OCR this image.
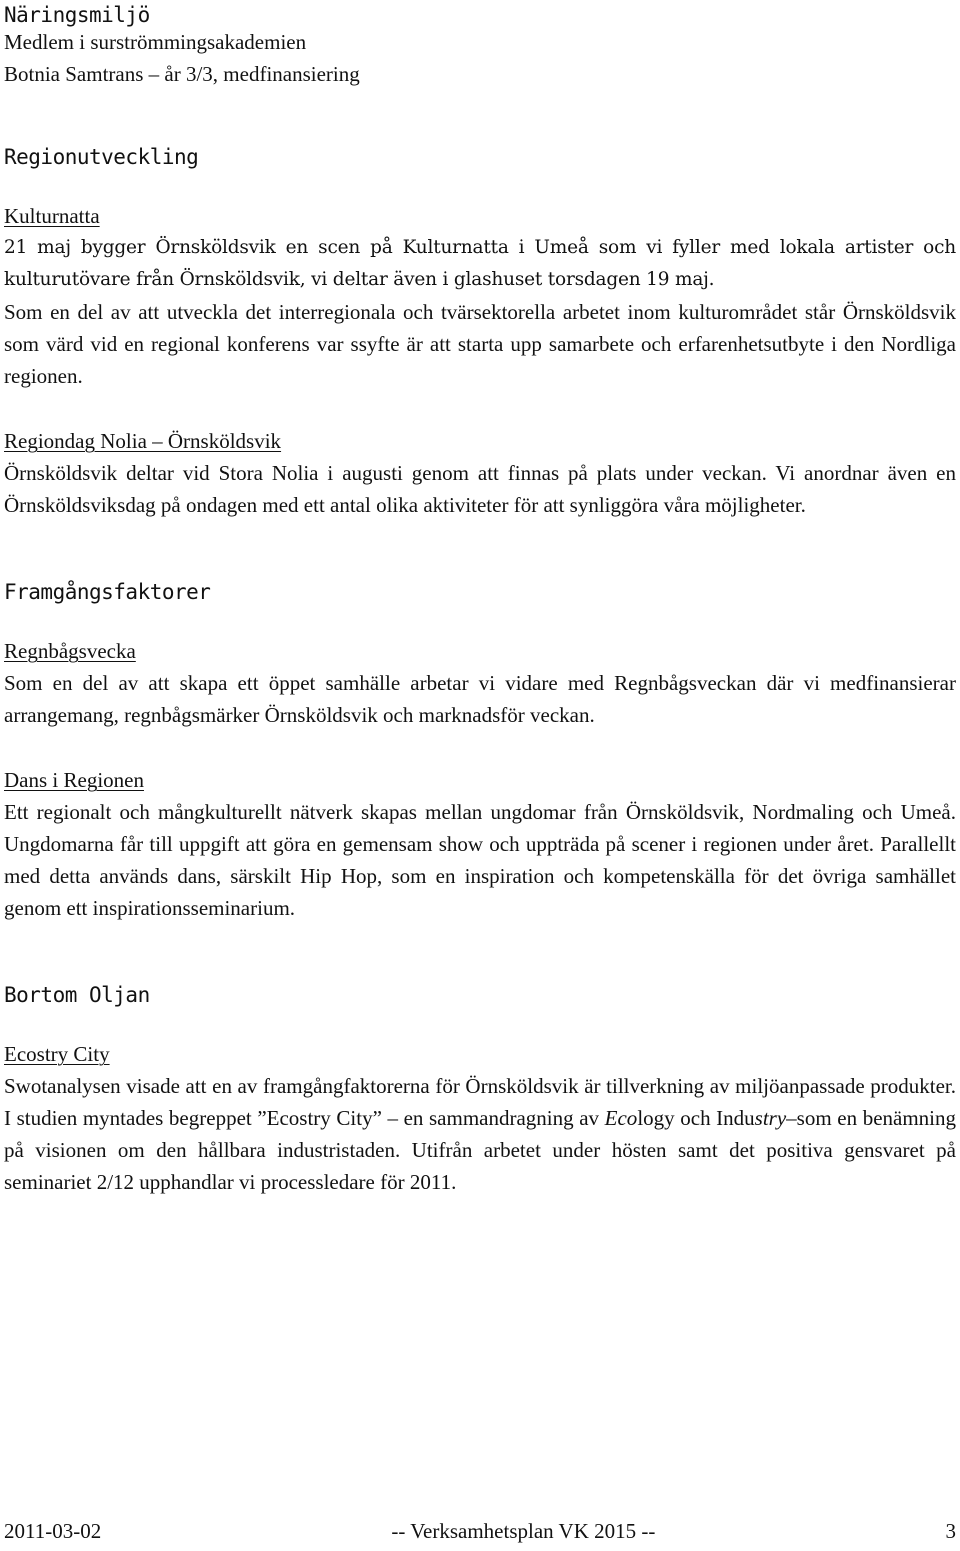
Näringsmiljö

Medlem i surströmmingsakademien

Botnia Samtrans – år 3/3, medfinansiering

Regionutveckling

Kulturnatta

21 maj bygger Örnsköldsvik en scen på Kulturnatta i Umeå som vi fyller med lokala artister och kulturutövare från Örnsköldsvik, vi deltar även i glashuset torsdagen 19 maj.

Som en del av att utveckla det interregionala och tvärsektorella arbetet inom kulturområdet står Örnsköldsvik som värd vid en regional konferens var ssyfte är att starta upp samarbete och erfarenhetsutbyte i den Nordliga regionen.

Regiondag Nolia – Örnsköldsvik

Örnsköldsvik deltar vid Stora Nolia i augusti genom att finnas på plats under veckan. Vi anordnar även en Örnsköldsviksdag på ondagen med ett antal olika aktiviteter för att synliggöra våra möjligheter.

Framgångsfaktorer

Regnbågsvecka

Som en del av att skapa ett öppet samhälle arbetar vi vidare med Regnbågsveckan där vi medfinansierar arrangemang, regnbågsmärker Örnsköldsvik och marknadsför veckan.

Dans i Regionen

Ett regionalt och mångkulturellt nätverk skapas mellan ungdomar från Örnsköldsvik, Nordmaling och Umeå. Ungdomarna får till uppgift att göra en gemensam show och uppträda på scener i regionen under året. Parallellt med detta används dans, särskilt Hip Hop, som en inspiration och kompetenskälla för det övriga samhället genom ett inspirationsseminarium.

Bortom Oljan

Ecostry City

Swotanalysen visade att en av framgångfaktorerna för Örnsköldsvik är tillverkning av miljöanpassade produkter. I studien myntades begreppet ”Ecostry City” – en sammandragning av Ecology och Industry–som en benämning på visionen om den hållbara industristaden. Utifrån arbetet under hösten samt det positiva gensvaret på seminariet 2/12 upphandlar vi processledare för 2011.

2011-03-02	-- Verksamhetsplan VK 2015 --	3
